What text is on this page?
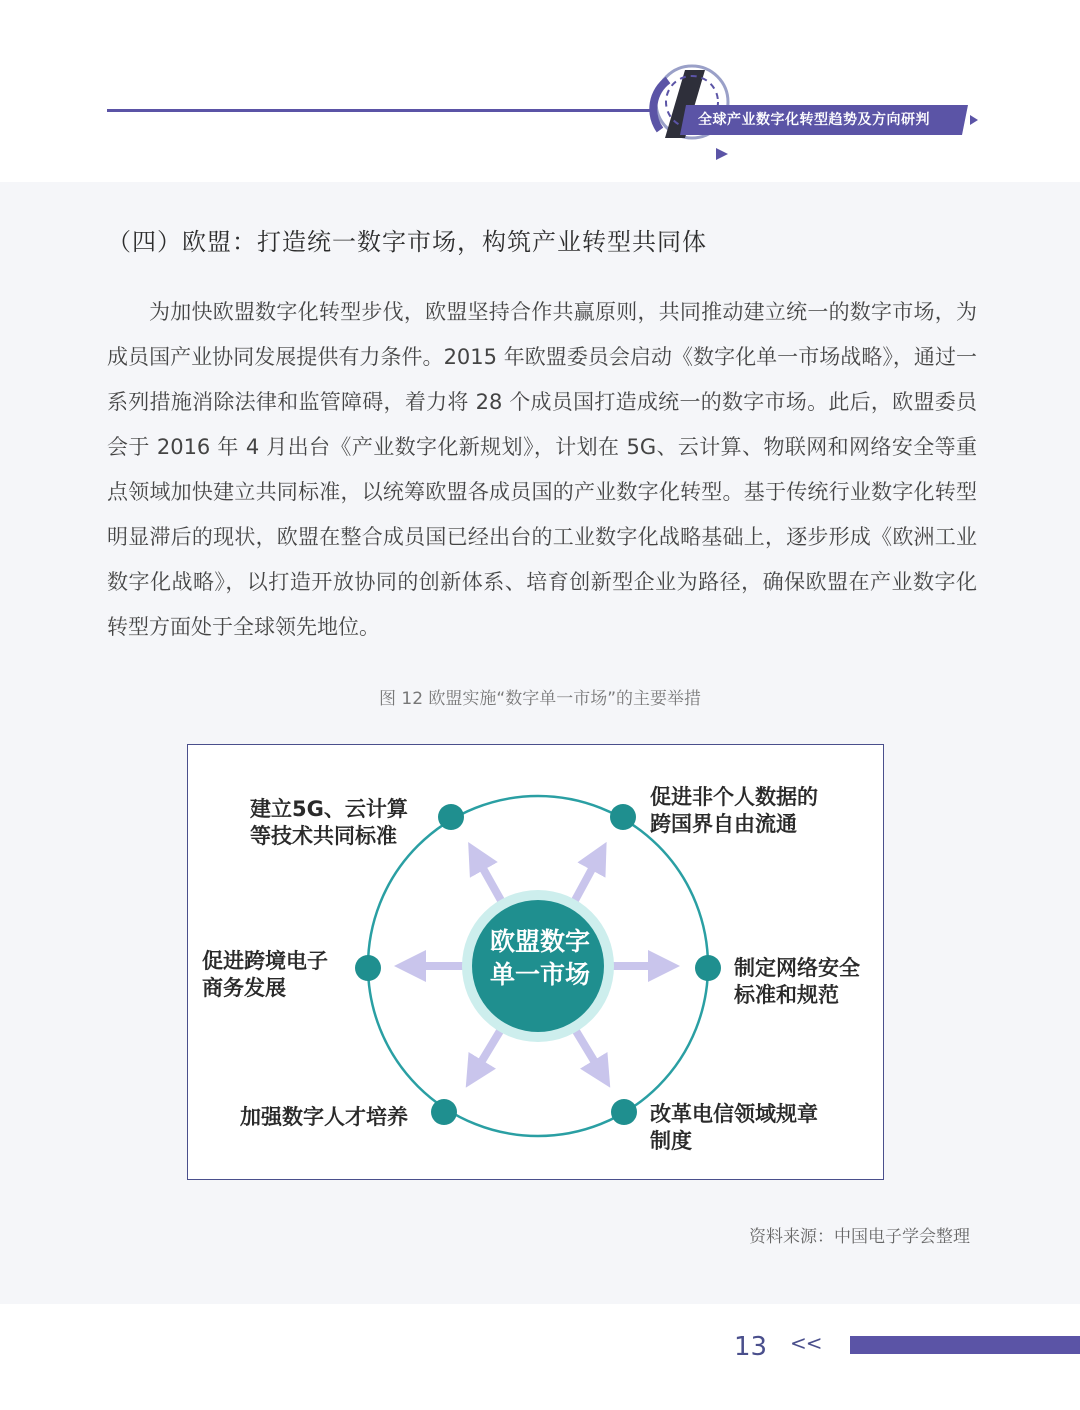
全球产业数字化转型趋势及方向研判
（四）欧盟：打造统一数字市场，构筑产业转型共同体

为加快欧盟数字化转型步伐，欧盟坚持合作共赢原则，共同推动建立统一的数字市场，为成员国产业协同发展提供有力条件。2015 年欧盟委员会启动《数字化单一市场战略》，通过一系列措施消除法律和监管障碍，着力将 28 个成员国打造成统一的数字市场。此后，欧盟委员会于 2016 年 4 月出台《产业数字化新规划》，计划在 5G、云计算、物联网和网络安全等重点领域加快建立共同标准，以统筹欧盟各成员国的产业数字化转型。基于传统行业数字化转型明显滞后的现状，欧盟在整合成员国已经出台的工业数字化战略基础上，逐步形成《欧洲工业数字化战略》，以打造开放协同的创新体系、培育创新型企业为路径，确保欧盟在产业数字化转型方面处于全球领先地位。

图 12 欧盟实施“数字单一市场”的主要举措
欧盟数字
单一市场
建立5G、云计算
等技术共同标准
促进非个人数据的
跨国界自由流通
促进跨境电子
商务发展
制定网络安全
标准和规范
加强数字人才培养	改革电信领域规章
制度
资料来源：中国电子学会整理
13 <<
